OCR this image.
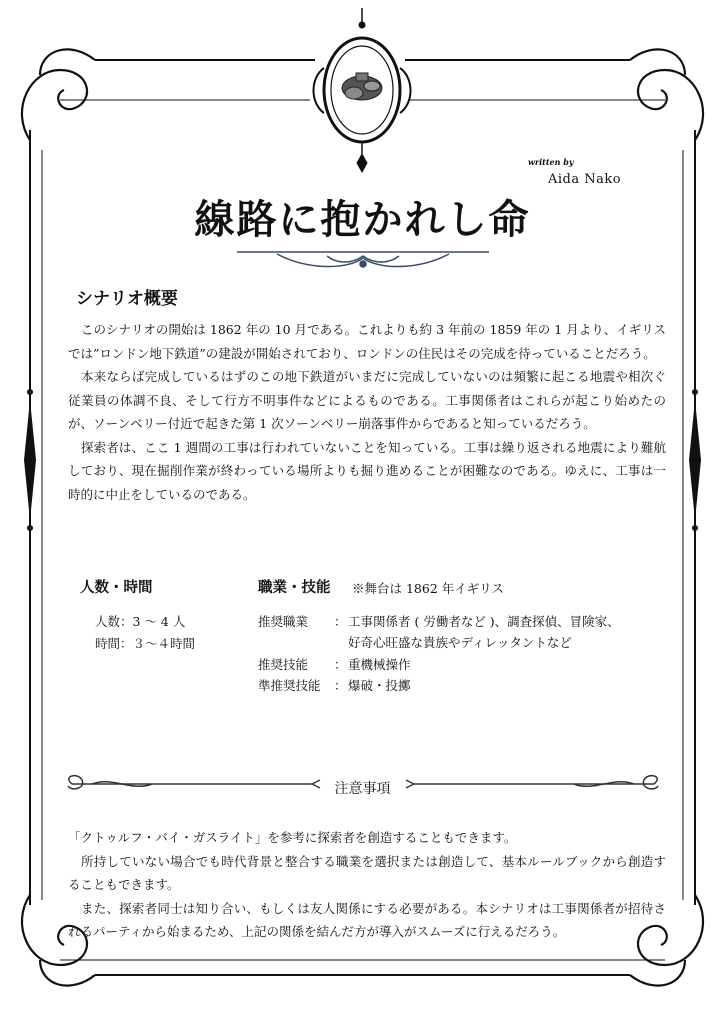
written by
Aida Nako
線路に抱かれし命
シナリオ概要

このシナリオの開始は 1862 年の 10 月である。これよりも約 3 年前の 1859 年の 1 月より、イギリスでは”ロンドン地下鉄道”の建設が開始されており、ロンドンの住民はその完成を待っていることだろう。

本来ならば完成しているはずのこの地下鉄道がいまだに完成していないのは頻繁に起こる地震や相次ぐ従業員の体調不良、そして行方不明事件などによるものである。工事関係者はこれらが起こり始めたのが、ソーンベリー付近で起きた第 1 次ソーンベリー崩落事件からであると知っているだろう。

探索者は、ここ 1 週間の工事は行われていないことを知っている。工事は繰り返される地震により難航しており、現在掘削作業が終わっている場所よりも掘り進めることが困難なのである。ゆえに、工事は一時的に中止をしているのである。

人数・時間
人数：3 ～ 4 人
時間：３～４時間
職業・技能 ※舞台は 1862 年イギリス
推奨職業 ： 工事関係者 ( 労働者など )、調査探偵、冒険家、
好奇心旺盛な貴族やディレッタントなど
推奨技能 ： 重機械操作
準推奨技能 ： 爆破・投擲
注意事項

「クトゥルフ・バイ・ガスライト」を参考に探索者を創造することもできます。

所持していない場合でも時代背景と整合する職業を選択または創造して、基本ルールブックから創造することもできます。

また、探索者同士は知り合い、もしくは友人関係にする必要がある。本シナリオは工事関係者が招待されるパーティから始まるため、上記の関係を結んだ方が導入がスムーズに行えるだろう。
